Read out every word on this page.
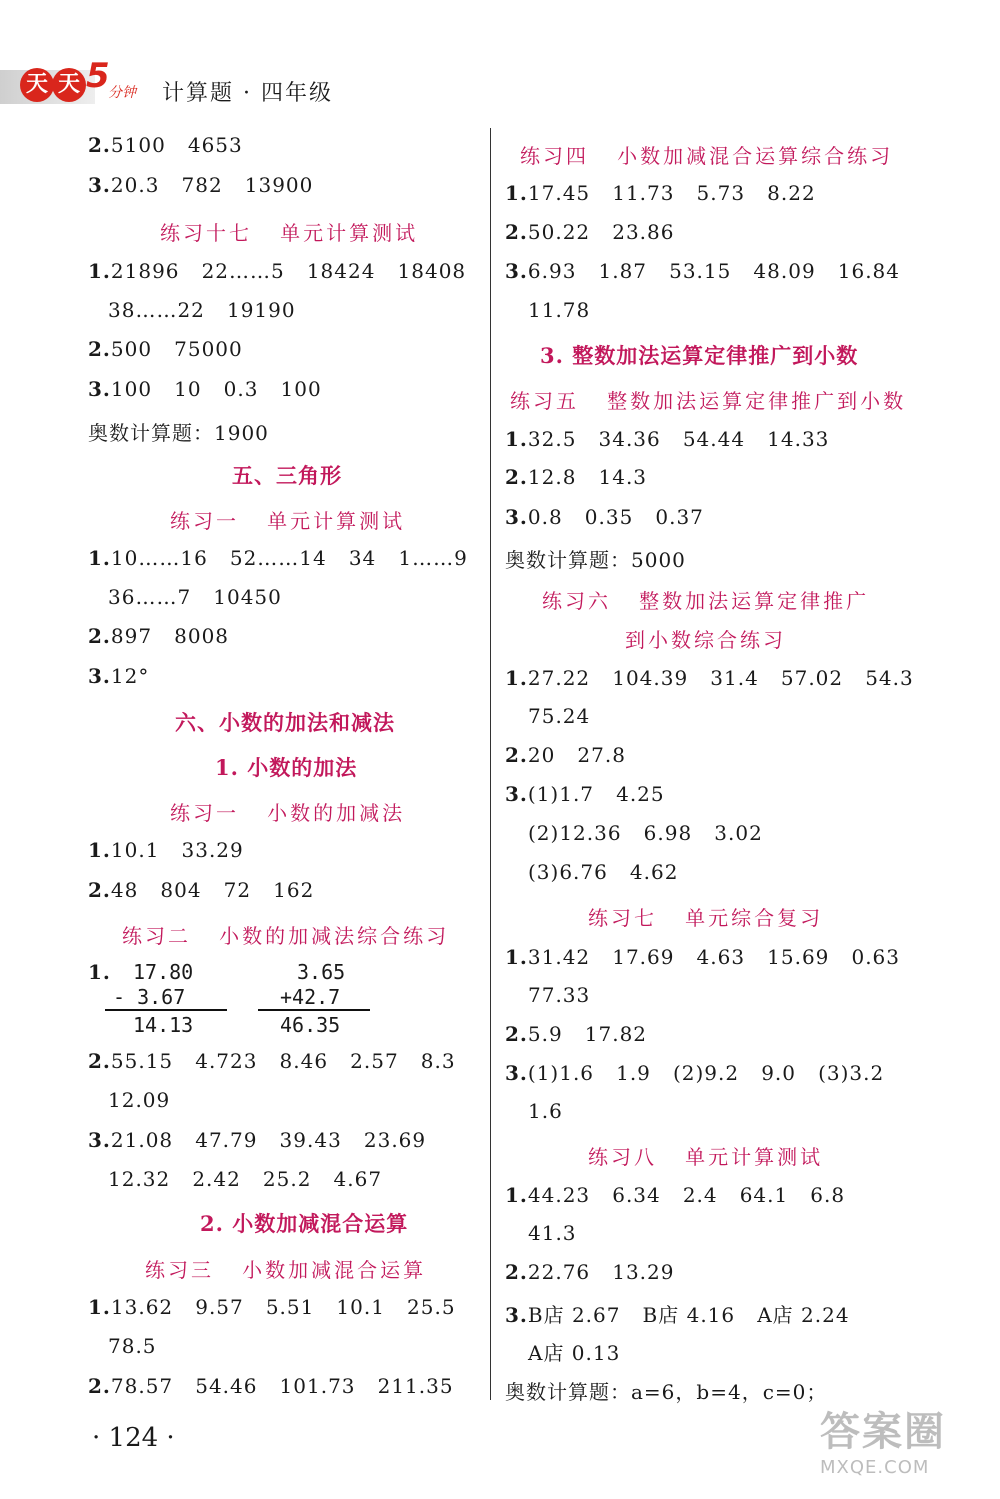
天 天 5
分钟 计算题 · 四年级
2.5100   4653
3.20.3   782   13900
练习十七   单元计算测试
1.21896   22……5   18424   18408
38……22   19190
2.500   75000
3.100   10   0.3   100
奥数计算题：1900
五、三角形
练习一   单元计算测试
1.10……16   52……14   34   1……9
36……7   10450
2.897   8008
3.12°
六、小数的加法和减法
1. 小数的加法
练习一   小数的加减法
1.10.1   33.29
2.48   804   72   162
练习二   小数的加减法综合练习
1. 17.80
- 3.67
14.13
3.65
+42.7
46.35
2.55.15   4.723   8.46   2.57   8.3
12.09
3.21.08   47.79   39.43   23.69
12.32   2.42   25.2   4.67
2. 小数加减混合运算
练习三   小数加减混合运算
1.13.62   9.57   5.51   10.1   25.5
78.5
2.78.57   54.46   101.73   211.35
练习四   小数加减混合运算综合练习
1.17.45   11.73   5.73   8.22
2.50.22   23.86
3.6.93   1.87   53.15   48.09   16.84
11.78
3. 整数加法运算定律推广到小数
练习五   整数加法运算定律推广到小数
1.32.5   34.36   54.44   14.33
2.12.8   14.3
3.0.8   0.35   0.37
奥数计算题：5000
练习六   整数加法运算定律推广
到小数综合练习
1.27.22   104.39   31.4   57.02   54.3
75.24
2.20   27.8
3.(1)1.7   4.25
(2)12.36   6.98   3.02
(3)6.76   4.62
练习七   单元综合复习
1.31.42   17.69   4.63   15.69   0.63
77.33
2.5.9   17.82
3.(1)1.6   1.9   (2)9.2   9.0   (3)3.2
1.6
练习八   单元计算测试
1.44.23   6.34   2.4   64.1   6.8
41.3
2.22.76   13.29
3.B店 2.67   B店 4.16   A店 2.24
A店 0.13
奥数计算题：a=6，b=4，c=0；
· 124 ·	答案圈
MXQE.COM
